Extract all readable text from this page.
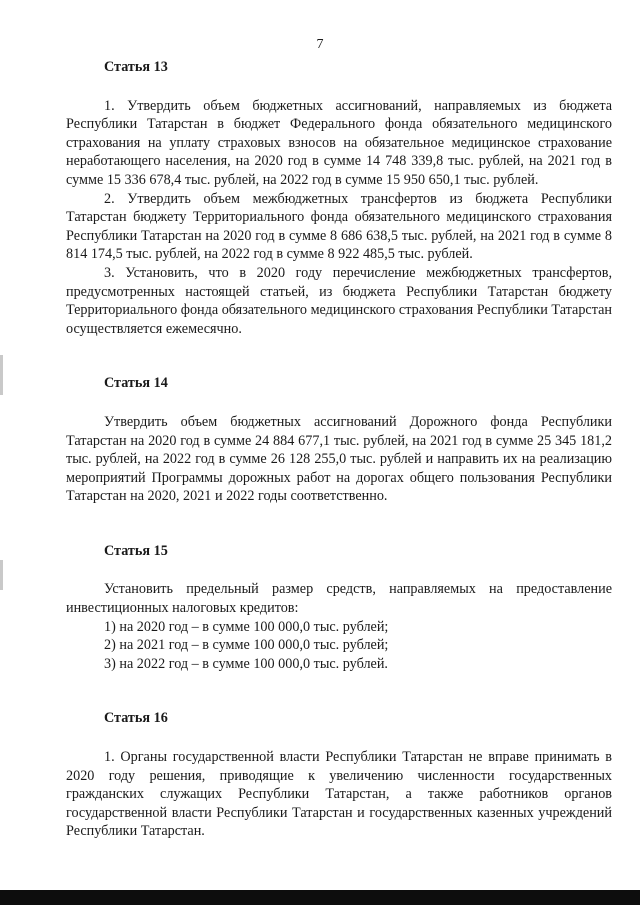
7
Статья 13

1. Утвердить объем бюджетных ассигнований, направляемых из бюджета Республики Татарстан в бюджет Федерального фонда обязательного медицинского страхования на уплату страховых взносов на обязательное медицинское страхование неработающего населения, на 2020 год в сумме 14 748 339,8 тыс. рублей, на 2021 год в сумме 15 336 678,4 тыс. рублей, на 2022 год в сумме 15 950 650,1 тыс. рублей.

2. Утвердить объем межбюджетных трансфертов из бюджета Республики Татарстан бюджету Территориального фонда обязательного медицинского страхования Республики Татарстан на 2020 год в сумме 8 686 638,5 тыс. рублей, на 2021 год в сумме 8 814 174,5 тыс. рублей, на 2022 год в сумме 8 922 485,5 тыс. рублей.

3. Установить, что в 2020 году перечисление межбюджетных трансфертов, предусмотренных настоящей статьей, из бюджета Республики Татарстан бюджету Территориального фонда обязательного медицинского страхования Республики Татарстан осуществляется ежемесячно.

Статья 14

Утвердить объем бюджетных ассигнований Дорожного фонда Республики Татарстан на 2020 год в сумме 24 884 677,1 тыс. рублей, на 2021 год в сумме 25 345 181,2 тыс. рублей, на 2022 год в сумме 26 128 255,0 тыс. рублей и направить их на реализацию мероприятий Программы дорожных работ на дорогах общего пользования Республики Татарстан на 2020, 2021 и 2022 годы соответственно.

Статья 15

Установить предельный размер средств, направляемых на предоставление инвестиционных налоговых кредитов:

1) на 2020 год – в сумме 100 000,0 тыс. рублей;
2) на 2021 год – в сумме 100 000,0 тыс. рублей;
3) на 2022 год – в сумме 100 000,0 тыс. рублей.
Статья 16

1. Органы государственной власти Республики Татарстан не вправе принимать в 2020 году решения, приводящие к увеличению численности государственных гражданских служащих Республики Татарстан, а также работников органов государственной власти Республики Татарстан и государственных казенных учреждений Республики Татарстан.
